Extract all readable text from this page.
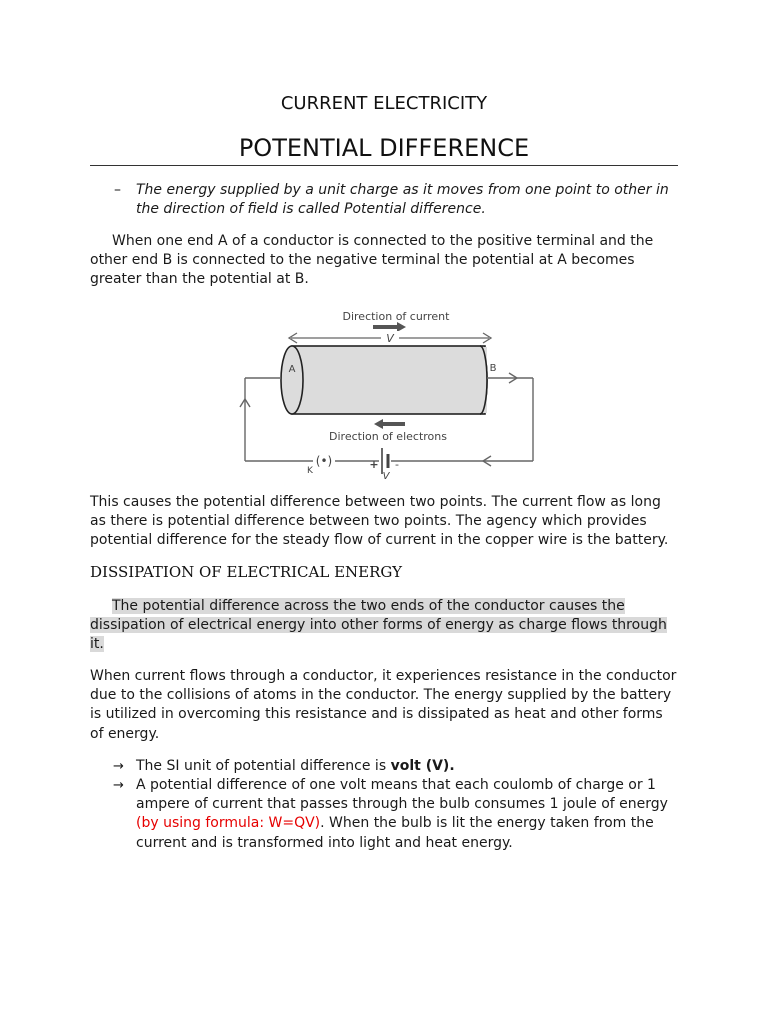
CURRENT ELECTRICITY
POTENTIAL DIFFERENCE
– The energy supplied by a unit charge as it moves from one point to other in the direction of field is called Potential difference.

When one end A of a conductor is connected to the positive terminal and the other end B is connected to the negative terminal the potential at A becomes greater than the potential at B.

Direction of current
V
A	B
Direction of electrons
(•)
K	+ -
V

This causes the potential difference between two points. The current flow as long as there is potential difference between two points. The agency which provides potential difference for the steady flow of current in the copper wire is the battery.

DISSIPATION OF ELECTRICAL ENERGY

The potential difference across the two ends of the conductor causes the dissipation of electrical energy into other forms of energy as charge flows through it.

When current flows through a conductor, it experiences resistance in the conductor due to the collisions of atoms in the conductor. The energy supplied by the battery is utilized in overcoming this resistance and is dissipated as heat and other forms of energy.

→ The SI unit of potential difference is volt (V).

→ A potential difference of one volt means that each coulomb of charge or 1 ampere of current that passes through the bulb consumes 1 joule of energy (by using formula: W=QV). When the bulb is lit the energy taken from the current and is transformed into light and heat energy.
